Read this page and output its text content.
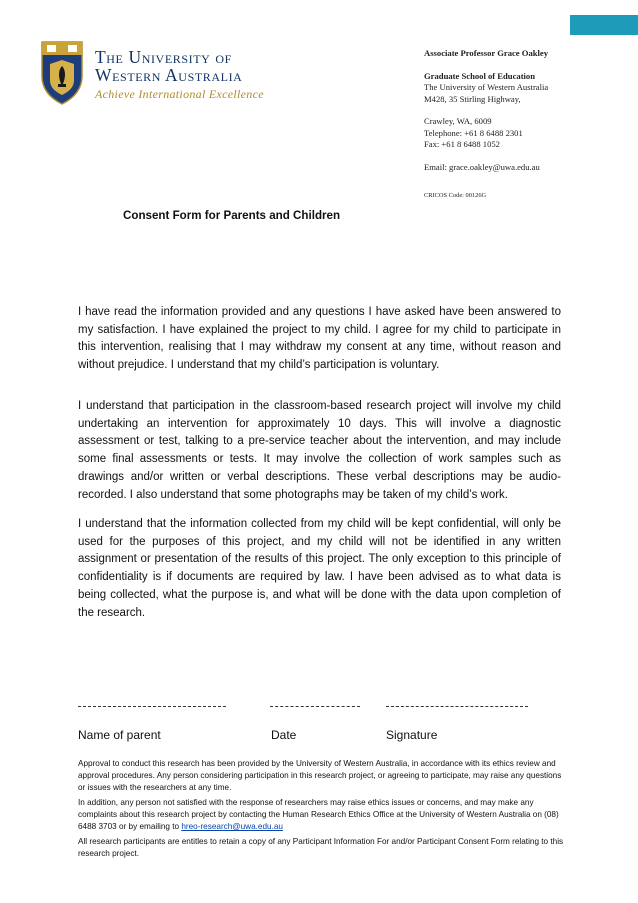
The University of
Western Australia
Achieve International Excellence
Associate Professor Grace Oakley
Graduate School of Education
The University of Western Australia
M428, 35 Stirling Highway,
Crawley, WA, 6009
Telephone: +61 8 6488 2301
Fax: +61 8 6488 1052
Email: grace.oakley@uwa.edu.au
CRICOS Code: 00126G
Consent Form for Parents and Children

I have read the information provided and any questions I have asked have been answered to my satisfaction. I have explained the project to my child. I agree for my child to participate in this intervention, realising that I may withdraw my consent at any time, without reason and without prejudice. I understand that my child’s participation is voluntary.

I understand that participation in the classroom-based research project will involve my child undertaking an intervention for approximately 10 days. This will involve a diagnostic assessment or test, talking to a pre-service teacher about the intervention, and may include some final assessments or tests. It may involve the collection of work samples such as drawings and/or written or verbal descriptions. These verbal descriptions may be audio-recorded. I also understand that some photographs may be taken of my child’s work.

I understand that the information collected from my child will be kept confidential, will only be used for the purposes of this project, and my child will not be identified in any written assignment or presentation of the results of this project. The only exception to this principle of confidentiality is if documents are required by law. I have been advised as to what data is being collected, what the purpose is, and what will be done with the data upon completion of the research.

Name of parent	Date	Signature

Approval to conduct this research has been provided by the University of Western Australia, in accordance with its ethics review and approval procedures. Any person considering participation in this research project, or agreeing to participate, may raise any questions or issues with the researchers at any time.

In addition, any person not satisfied with the response of researchers may raise ethics issues or concerns, and may make any complaints about this research project by contacting the Human Research Ethics Office at the University of Western Australia on (08) 6488 3703 or by emailing to hreo-research@uwa.edu.au

All research participants are entitles to retain a copy of any Participant Information For and/or Participant Consent Form relating to this research project.
